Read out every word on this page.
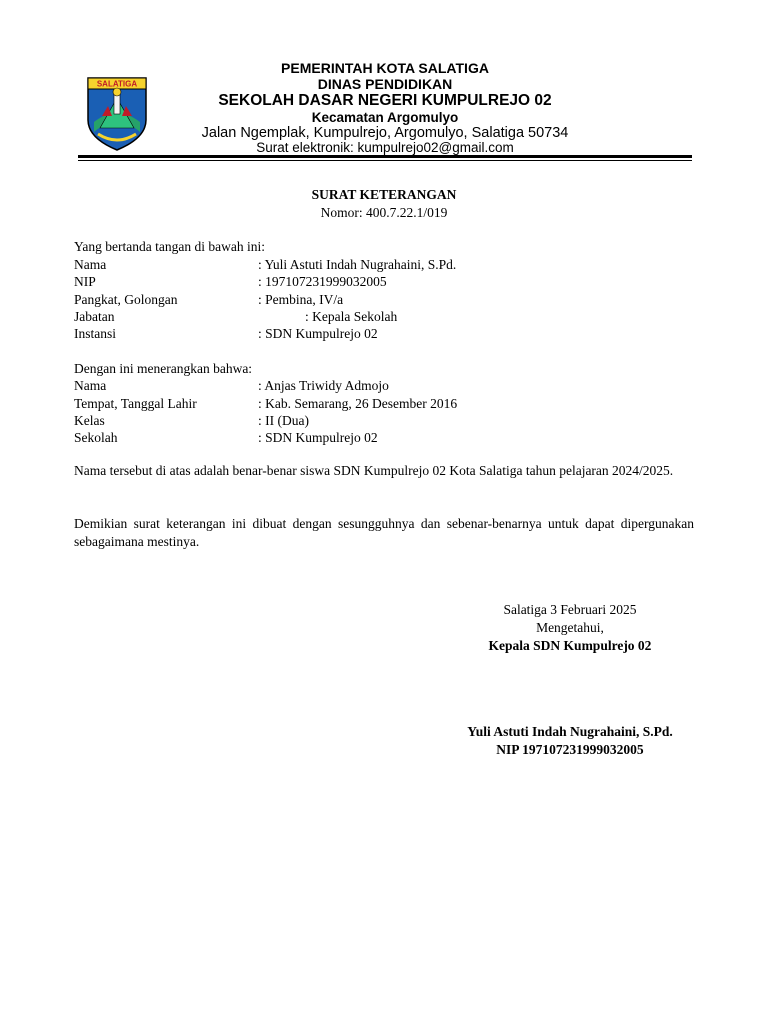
SALATIGA
PEMERINTAH KOTA SALATIGA
DINAS PENDIDIKAN
SEKOLAH DASAR NEGERI KUMPULREJO 02
Kecamatan Argomulyo
Jalan Ngemplak, Kumpulrejo, Argomulyo, Salatiga 50734
Surat elektronik: kumpulrejo02@gmail.com
SURAT KETERANGAN
Nomor: 400.7.22.1/019
Yang bertanda tangan di bawah ini:
Nama	: Yuli Astuti Indah Nugrahaini, S.Pd.
NIP	: 197107231999032005
Pangkat, Golongan	: Pembina, IV/a
Jabatan	: Kepala Sekolah
Instansi	: SDN Kumpulrejo 02
Dengan ini menerangkan bahwa:
Nama	: Anjas Triwidy Admojo
Tempat, Tanggal Lahir	: Kab. Semarang, 26 Desember 2016
Kelas	: II (Dua)
Sekolah	: SDN Kumpulrejo 02
Nama tersebut di atas adalah benar-benar siswa SDN Kumpulrejo 02 Kota Salatiga tahun pelajaran 2024/2025.
Demikian surat keterangan ini dibuat dengan sesungguhnya dan sebenar-benarnya untuk dapat dipergunakan sebagaimana mestinya.
Salatiga 3 Februari 2025
Mengetahui,
Kepala SDN Kumpulrejo 02
Yuli Astuti Indah Nugrahaini, S.Pd.
NIP 197107231999032005
